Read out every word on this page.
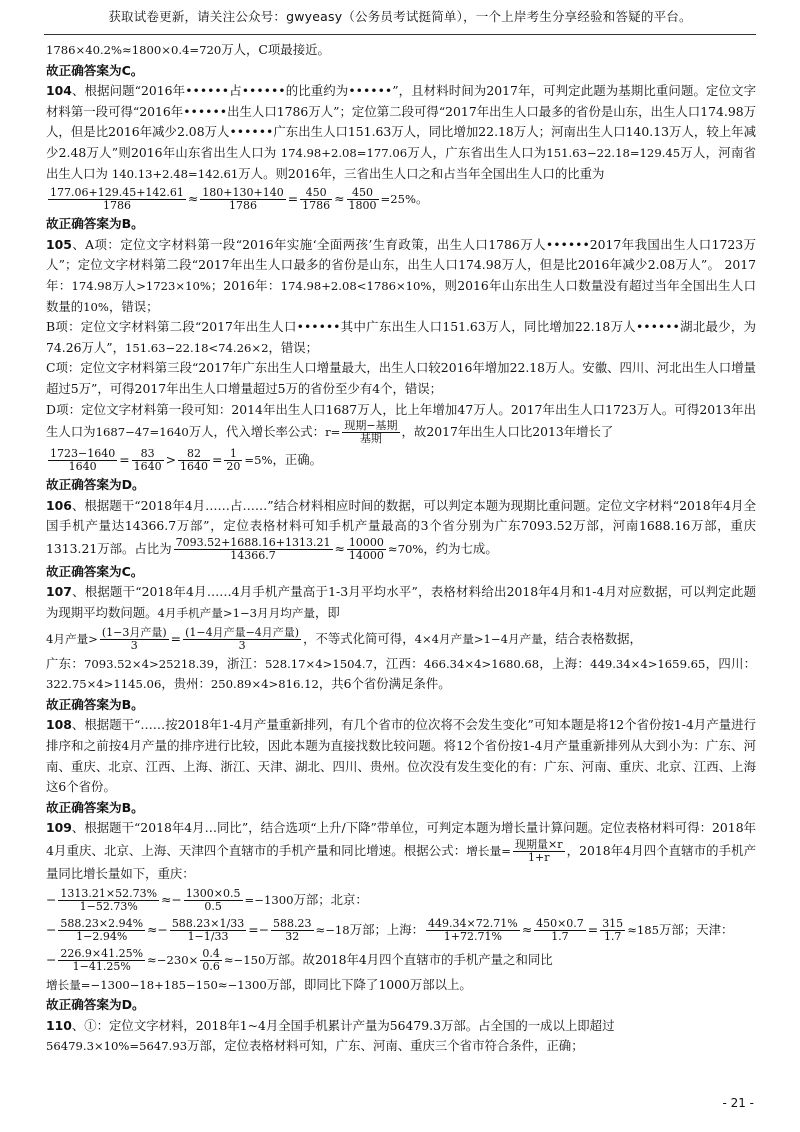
获取试卷更新，请关注公众号：gwyeasy（公务员考试挺简单），一个上岸考生分享经验和答疑的平台。

1786×40.2%≈1800×0.4=720万人，C项最接近。

故正确答案为C。

104、根据问题“2016年••••••占••••••的比重约为••••••”，且材料时间为2017年，可判定此题为基期比重问题。定位文字材料第一段可得“2016年••••••出生人口1786万人”；定位第二段可得“2017年出生人口最多的省份是山东，出生人口174.98万人，但是比2016年减少2.08万人••••••广东出生人口151.63万人，同比增加22.18万人；河南出生人口140.13万人，较上年减少2.48万人”则2016年山东省出生人口为 174.98+2.08=177.06万人，广东省出生人口为151.63−22.18=129.45万人，河南省出生人口为 140.13+2.48=142.61万人。则2016年，三省出生人口之和占当年全国出生人口的比重为

$\frac{177.06+129.45+142.61}{1786} \approx \frac{180+130+140}{1786} = \frac{450}{1786} \approx \frac{450}{1800} =25\%$。

故正确答案为B。

105、A项：定位文字材料第一段“2016年实施‘全面两孩’生育政策，出生人口1786万人••••••2017年我国出生人口1723万人”；定位文字材料第二段“2017年出生人口最多的省份是山东，出生人口174.98万人，但是比2016年减少2.08万人”。 2017年：174.98万人>1723×10%；2016年：174.98+2.08<1786×10%，则2016年山东出生人口数量没有超过当年全国出生人口数量的10%，错误；

B项：定位文字材料第二段“2017年出生人口••••••其中广东出生人口151.63万人，同比增加22.18万人••••••湖北最少，为74.26万人”，151.63−22.18<74.26×2，错误；

C项：定位文字材料第三段“2017年广东出生人口增量最大，出生人口较2016年增加22.18万人。安徽、四川、河北出生人口增量超过5万”，可得2017年出生人口增量超过5万的省份至少有4个，错误；

D项：定位文字材料第一段可知：2014年出生人口1687万人，比上年增加47万人。2017年出生人口1723万人。可得2013年出生人口为1687−47=1640万人，代入增长率公式：$r= \frac{\text{现期−基期}}{\text{基期}}$ ，故2017年出生人口比2013年增长了

$\frac{1723-1640}{1640} = \frac{83}{1640} > \frac{82}{1640} = \frac{1}{20} =5\%$，正确。

故正确答案为D。

106、根据题干“2018年4月……占……”结合材料相应时间的数据，可以判定本题为现期比重问题。定位文字材料“2018年4月全国手机产量达14366.7万部”，定位表格材料可知手机产量最高的3个省分别为广东7093.52万部，河南1688.16万部，重庆1313.21万部。占比为 $\frac{7093.52+1688.16+1313.21}{14366.7} \approx \frac{10000}{14000} \approx 70\%$，约为七成。

故正确答案为C。

107、根据题干“2018年4月……4月手机产量高于1-3月平均水平”，表格材料给出2018年4月和1-4月对应数据，可以判定此题为现期平均数问题。4月手机产量>1−3月月均产量，即

4月产量> $\frac{\text{(1−3月产量)}}{3} = \frac{\text{(1−4月产量−4月产量)}}{3}$ ，不等式化简可得，4×4月产量>1−4月产量，结合表格数据，

广东：7093.52×4>25218.39，浙江：528.17×4>1504.7，江西：466.34×4>1680.68，上海：449.34×4>1659.65，四川：322.75×4>1145.06，贵州：250.89×4>816.12，共6个省份满足条件。

故正确答案为B。

108、根据题干“……按2018年1-4月产量重新排列，有几个省市的位次将不会发生变化”可知本题是将12个省份按1-4月产量进行排序和之前按4月产量的排序进行比较，因此本题为直接找数比较问题。将12个省份按1-4月产量重新排列从大到小为：广东、河南、重庆、北京、江西、上海、浙江、天津、湖北、四川、贵州。位次没有发生变化的有：广东、河南、重庆、北京、江西、上海这6个省份。

故正确答案为B。

109、根据题干“2018年4月…同比”，结合选项“上升/下降”带单位，可判定本题为增长量计算问题。定位表格材料可得：2018年4月重庆、北京、上海、天津四个直辖市的手机产量和同比增速。根据公式：增长量= $\frac{\text{现期量×r}}{1+r}$ ，2018年4月四个直辖市的手机产量同比增长量如下，重庆：

− $\frac{1313.21\times 52.73\%}{1-52.73\%} \approx- \frac{1300\times 0.5}{0.5} =-1300$万部；北京：

− $\frac{588.23\times 2.94\%}{1-2.94\%} \approx- \frac{588.23\times 1/33}{1-1/33} =- \frac{588.23}{32} \approx-18$万部；上海： $\frac{449.34\times 72.71\%}{1+72.71\%} \approx \frac{450\times 0.7}{1.7} = \frac{315}{1.7} \approx 185$万部；天津：

− $\frac{226.9\times 41.25\%}{1-41.25\%} \approx-230\times \frac{0.4}{0.6} \approx-150$万部。故2018年4月四个直辖市的手机产量之和同比

增长量=−1300−18+185−150≈−1300万部，即同比下降了1000万部以上。

故正确答案为D。

110、①：定位文字材料，2018年1~4月全国手机累计产量为56479.3万部。占全国的一成以上即超过

56479.3×10%=5647.93万部，定位表格材料可知，广东、河南、重庆三个省市符合条件，正确；

- 21 -
